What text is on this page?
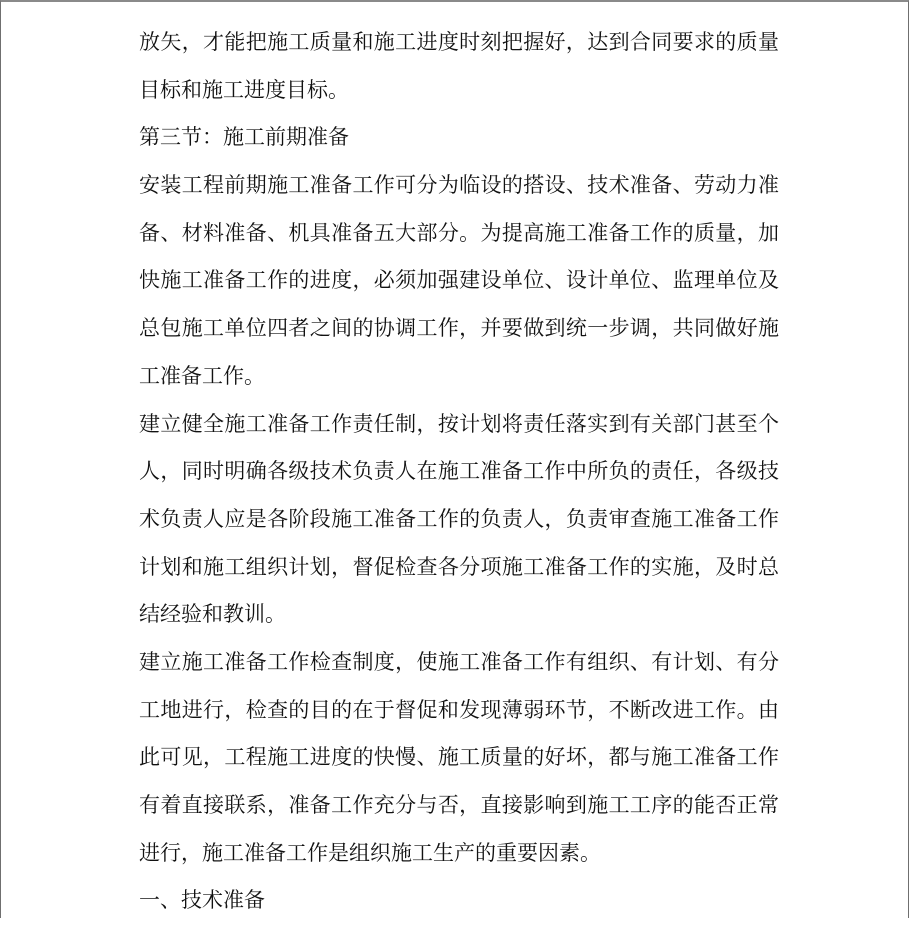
放矢，才能把施工质量和施工进度时刻把握好，达到合同要求的质量
目标和施工进度目标。
第三节：施工前期准备
安装工程前期施工准备工作可分为临设的搭设、技术准备、劳动力准
备、材料准备、机具准备五大部分。为提高施工准备工作的质量，加
快施工准备工作的进度，必须加强建设单位、设计单位、监理单位及
总包施工单位四者之间的协调工作，并要做到统一步调，共同做好施
工准备工作。
建立健全施工准备工作责任制，按计划将责任落实到有关部门甚至个
人，同时明确各级技术负责人在施工准备工作中所负的责任，各级技
术负责人应是各阶段施工准备工作的负责人，负责审查施工准备工作
计划和施工组织计划，督促检查各分项施工准备工作的实施，及时总
结经验和教训。
建立施工准备工作检查制度，使施工准备工作有组织、有计划、有分
工地进行，检查的目的在于督促和发现薄弱环节，不断改进工作。由
此可见，工程施工进度的快慢、施工质量的好坏，都与施工准备工作
有着直接联系，准备工作充分与否，直接影响到施工工序的能否正常
进行，施工准备工作是组织施工生产的重要因素。
一、技术准备
